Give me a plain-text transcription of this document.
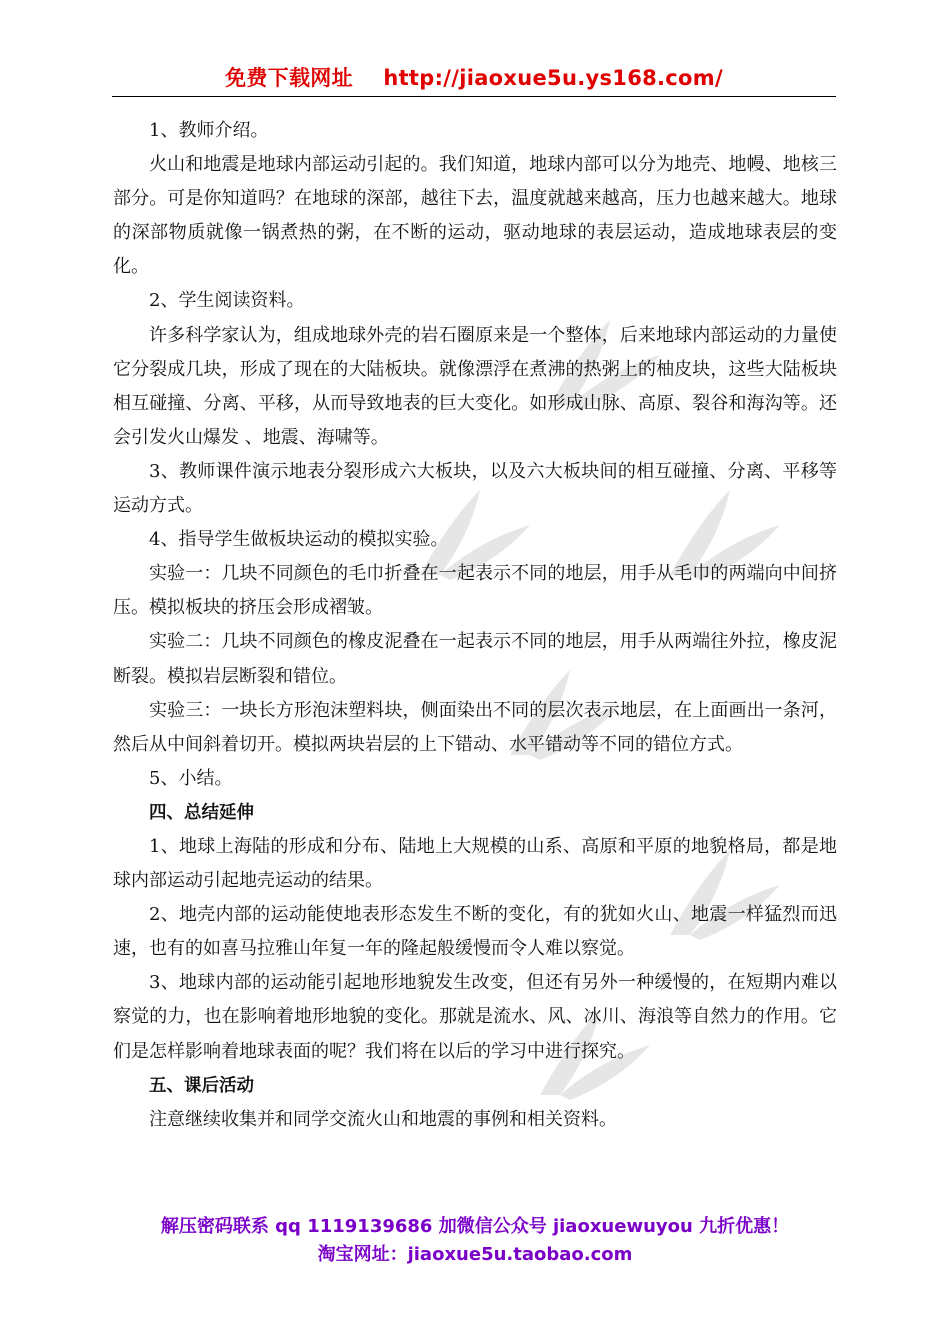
免费下载网址    http://jiaoxue5u.ys168.com/

1、教师介绍。

火山和地震是地球内部运动引起的。我们知道，地球内部可以分为地壳、地幔、地核三部分。可是你知道吗？在地球的深部，越往下去，温度就越来越高，压力也越来越大。地球的深部物质就像一锅煮热的粥，在不断的运动，驱动地球的表层运动，造成地球表层的变化。

2、学生阅读资料。

许多科学家认为，组成地球外壳的岩石圈原来是一个整体，后来地球内部运动的力量使它分裂成几块，形成了现在的大陆板块。就像漂浮在煮沸的热粥上的柚皮块，这些大陆板块相互碰撞、分离、平移，从而导致地表的巨大变化。如形成山脉、高原、裂谷和海沟等。还会引发火山爆发 、地震、海啸等。

3、教师课件演示地表分裂形成六大板块，以及六大板块间的相互碰撞、分离、平移等运动方式。

4、指导学生做板块运动的模拟实验。

实验一：几块不同颜色的毛巾折叠在一起表示不同的地层，用手从毛巾的两端向中间挤压。模拟板块的挤压会形成褶皱。

实验二：几块不同颜色的橡皮泥叠在一起表示不同的地层，用手从两端往外拉，橡皮泥断裂。模拟岩层断裂和错位。

实验三：一块长方形泡沫塑料块，侧面染出不同的层次表示地层，在上面画出一条河，然后从中间斜着切开。模拟两块岩层的上下错动、水平错动等不同的错位方式。

5、小结。

四、总结延伸

1、地球上海陆的形成和分布、陆地上大规模的山系、高原和平原的地貌格局，都是地球内部运动引起地壳运动的结果。

2、地壳内部的运动能使地表形态发生不断的变化，有的犹如火山、地震一样猛烈而迅速，也有的如喜马拉雅山年复一年的隆起般缓慢而令人难以察觉。

3、地球内部的运动能引起地形地貌发生改变，但还有另外一种缓慢的，在短期内难以察觉的力，也在影响着地形地貌的变化。那就是流水、风、冰川、海浪等自然力的作用。它们是怎样影响着地球表面的呢？我们将在以后的学习中进行探究。

五、课后活动

注意继续收集并和同学交流火山和地震的事例和相关资料。

解压密码联系 qq 1119139686 加微信公众号 jiaoxuewuyou 九折优惠！
淘宝网址：jiaoxue5u.taobao.com
